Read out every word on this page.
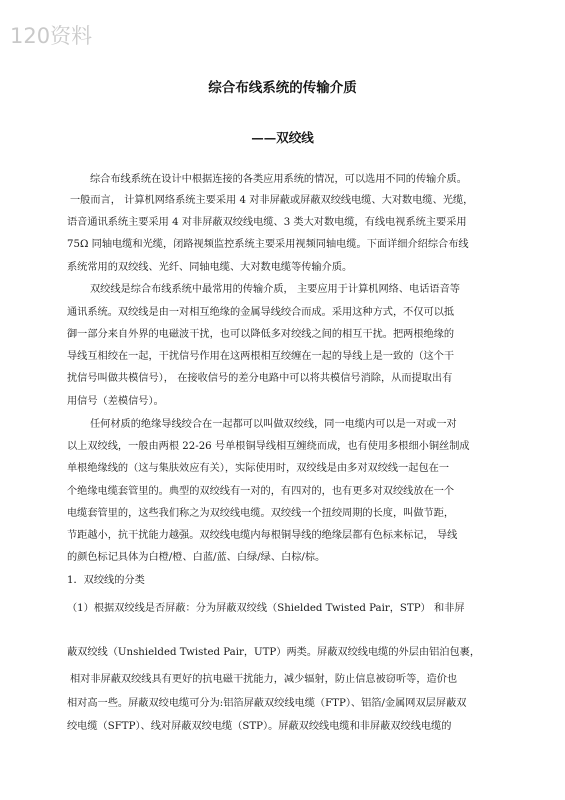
120资料
综合布线系统的传输介质
——双绞线
综合布线系统在设计中根据连接的各类应用系统的情况，可以选用不同的传输介质。
一般而言， 计算机网络系统主要采用 4 对非屏蔽或屏蔽双绞线电缆、大对数电缆、光缆，
语音通讯系统主要采用 4 对非屏蔽双绞线电缆、3 类大对数电缆，有线电视系统主要采用
75Ω 同轴电缆和光缆，闭路视频监控系统主要采用视频同轴电缆。下面详细介绍综合布线
系统常用的双绞线、光纤、同轴电缆、大对数电缆等传输介质。
双绞线是综合布线系统中最常用的传输介质， 主要应用于计算机网络、电话语音等
通讯系统。双绞线是由一对相互绝缘的金属导线绞合而成。采用这种方式，不仅可以抵
御一部分来自外界的电磁波干扰，也可以降低多对绞线之间的相互干扰。把两根绝缘的
导线互相绞在一起，干扰信号作用在这两根相互绞缠在一起的导线上是一致的（这个干
扰信号叫做共模信号）， 在接收信号的差分电路中可以将共模信号消除，从而提取出有
用信号（差模信号）。
任何材质的绝缘导线绞合在一起都可以叫做双绞线，同一电缆内可以是一对或一对
以上双绞线，一般由两根 22-26 号单根铜导线相互缠绕而成，也有使用多根细小铜丝制成
单根绝缘线的（这与集肤效应有关），实际使用时，双绞线是由多对双绞线一起包在一
个绝缘电缆套管里的。典型的双绞线有一对的，有四对的，也有更多对双绞线放在一个
电缆套管里的，这些我们称之为双绞线电缆。双绞线一个扭绞周期的长度，叫做节距，
节距越小，抗干扰能力越强。双绞线电缆内每根铜导线的绝缘层都有色标来标记， 导线
的颜色标记具体为白橙/橙、白蓝/蓝、白绿/绿、白棕/棕。
1．双绞线的分类
（1）根据双绞线是否屏蔽：分为屏蔽双绞线（Shielded Twisted Pair，STP） 和非屏
蔽双绞线（Unshielded Twisted Pair，UTP）两类。屏蔽双绞线电缆的外层由铝泊包裹，
相对非屏蔽双绞线具有更好的抗电磁干扰能力，减少辐射，防止信息被窃听等，造价也
相对高一些。屏蔽双绞电缆可分为:铝箔屏蔽双绞线电缆（FTP）、铝箔/金属网双层屏蔽双
绞电缆（SFTP）、线对屏蔽双绞电缆（STP）。屏蔽双绞线电缆和非屏蔽双绞线电缆的
